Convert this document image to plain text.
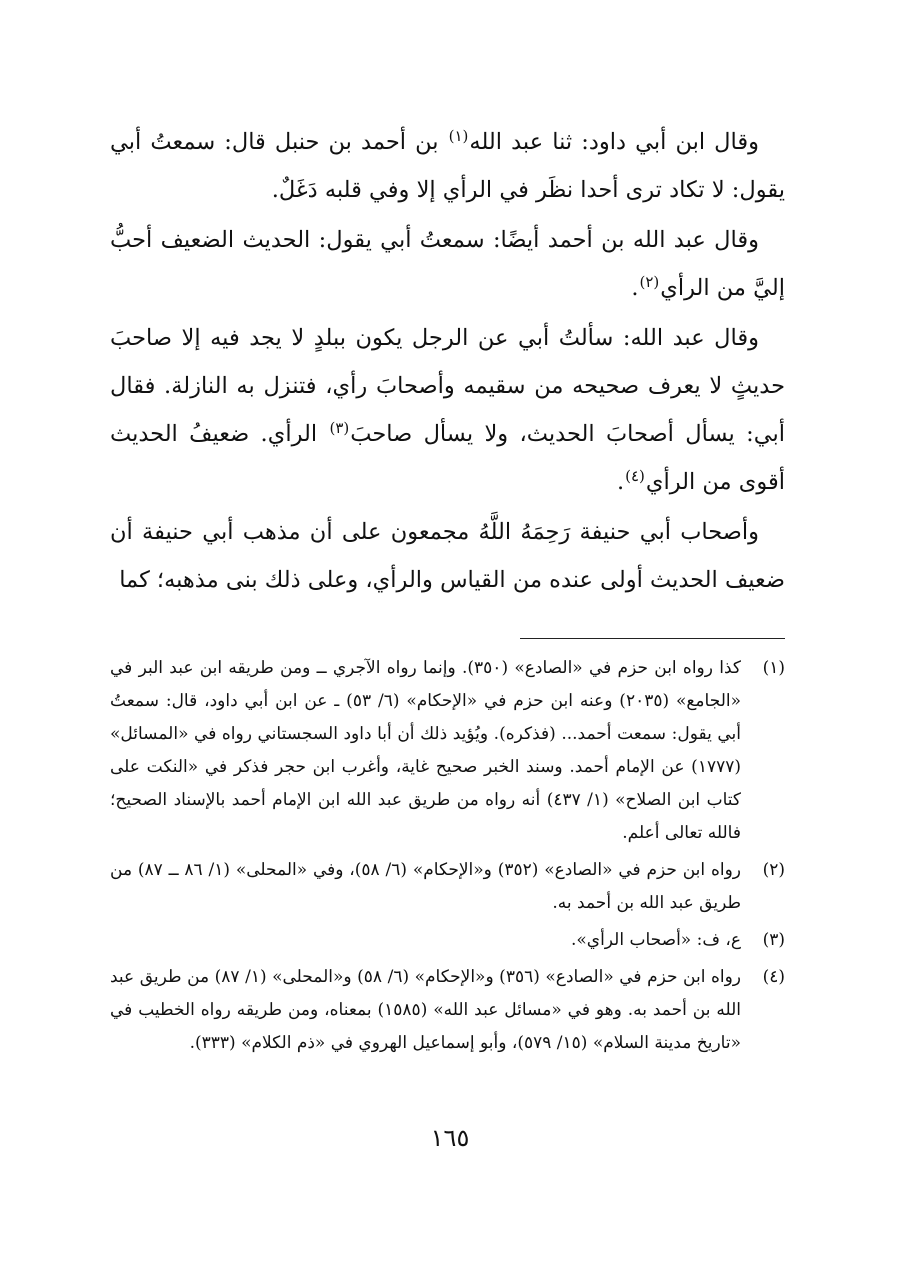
وقال ابن أبي داود: ثنا عبد الله$^{(١)}$ بن أحمد بن حنبل قال: سمعتُ أبي يقول: لا تكاد ترى أحدا نظَر في الرأي إلا وفي قلبه دَغَلٌ.

وقال عبد الله بن أحمد أيضًا: سمعتُ أبي يقول: الحديث الضعيف أحبُّ إليَّ من الرأي$^{(٢)}$.

وقال عبد الله: سألتُ أبي عن الرجل يكون ببلدٍ لا يجد فيه إلا صاحبَ حديثٍ لا يعرف صحيحه من سقيمه وأصحابَ رأي، فتنزل به النازلة. فقال أبي: يسأل أصحابَ الحديث، ولا يسأل صاحبَ$^{(٣)}$ الرأي. ضعيفُ الحديث أقوى من الرأي$^{(٤)}$.

وأصحاب أبي حنيفة رَحِمَهُ اللَّهُ مجمعون على أن مذهب أبي حنيفة أن ضعيف الحديث أولى عنده من القياس والرأي، وعلى ذلك بنى مذهبه؛ كما

(١)
كذا رواه ابن حزم في «الصادع» (٣٥٠). وإنما رواه الآجري ــ ومن طريقه ابن عبد البر في «الجامع» (٢٠٣٥) وعنه ابن حزم في «الإحكام» (٦/ ٥٣) ـ عن ابن أبي داود، قال: سمعتُ أبي يقول: سمعت أحمد... (فذكره). ويُؤيد ذلك أن أبا داود السجستاني رواه في «المسائل» (١٧٧٧) عن الإمام أحمد. وسند الخبر صحيح غاية، وأغرب ابن حجر فذكر في «النكت على كتاب ابن الصلاح» (١/ ٤٣٧) أنه رواه من طريق عبد الله ابن الإمام أحمد بالإسناد الصحيح؛ فالله تعالى أعلم.
(٢)
رواه ابن حزم في «الصادع» (٣٥٢) و«الإحكام» (٦/ ٥٨)، وفي «المحلى» (١/ ٨٦ ــ ٨٧) من طريق عبد الله بن أحمد به.
(٣)
ع، ف: «أصحاب الرأي».
(٤)
رواه ابن حزم في «الصادع» (٣٥٦) و«الإحكام» (٦/ ٥٨) و«المحلى» (١/ ٨٧) من طريق عبد الله بن أحمد به. وهو في «مسائل عبد الله» (١٥٨٥) بمعناه، ومن طريقه رواه الخطيب في «تاريخ مدينة السلام» (١٥/ ٥٧٩)، وأبو إسماعيل الهروي في «ذم الكلام» (٣٣٣).
١٦٥
